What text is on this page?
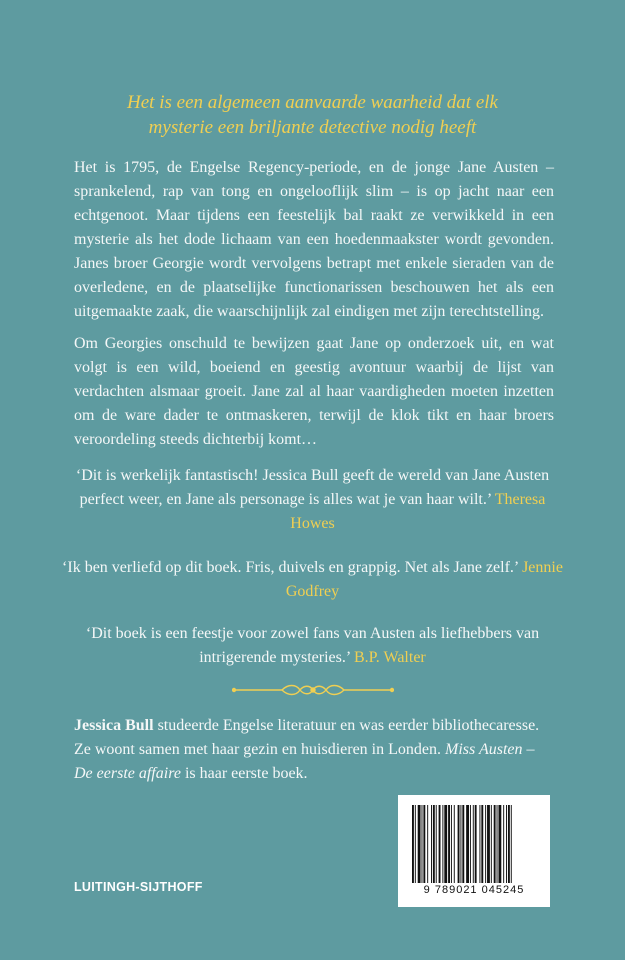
Het is een algemeen aanvaarde waarheid dat elk
mysterie een briljante detective nodig heeft
Het is 1795, de Engelse Regency-periode, en de jonge Jane Austen – sprankelend, rap van tong en ongelooflijk slim – is op jacht naar een echtgenoot. Maar tijdens een feestelijk bal raakt ze verwikkeld in een mysterie als het dode lichaam van een hoedenmaakster wordt gevonden. Janes broer Georgie wordt vervolgens betrapt met enkele sieraden van de overledene, en de plaatselijke functionarissen beschouwen het als een uitgemaakte zaak, die waarschijnlijk zal eindigen met zijn terechtstelling.
Om Georgies onschuld te bewijzen gaat Jane op onderzoek uit, en wat volgt is een wild, boeiend en geestig avontuur waarbij de lijst van verdachten alsmaar groeit. Jane zal al haar vaardigheden moeten inzetten om de ware dader te ontmaskeren, terwijl de klok tikt en haar broers veroordeling steeds dichterbij komt…
‘Dit is werkelijk fantastisch! Jessica Bull geeft de wereld van Jane Austen perfect weer, en Jane als personage is alles wat je van haar wilt.’ Theresa Howes
‘Ik ben verliefd op dit boek. Fris, duivels en grappig. Net als Jane zelf.’ Jennie Godfrey
‘Dit boek is een feestje voor zowel fans van Austen als liefhebbers van intrigerende mysteries.’ B.P. Walter
Jessica Bull studeerde Engelse literatuur en was eerder bibliothecaresse. Ze woont samen met haar gezin en huisdieren in Londen. Miss Austen – De eerste affaire is haar eerste boek.
LUITINGH-SIJTHOFF	9 789021 045245
